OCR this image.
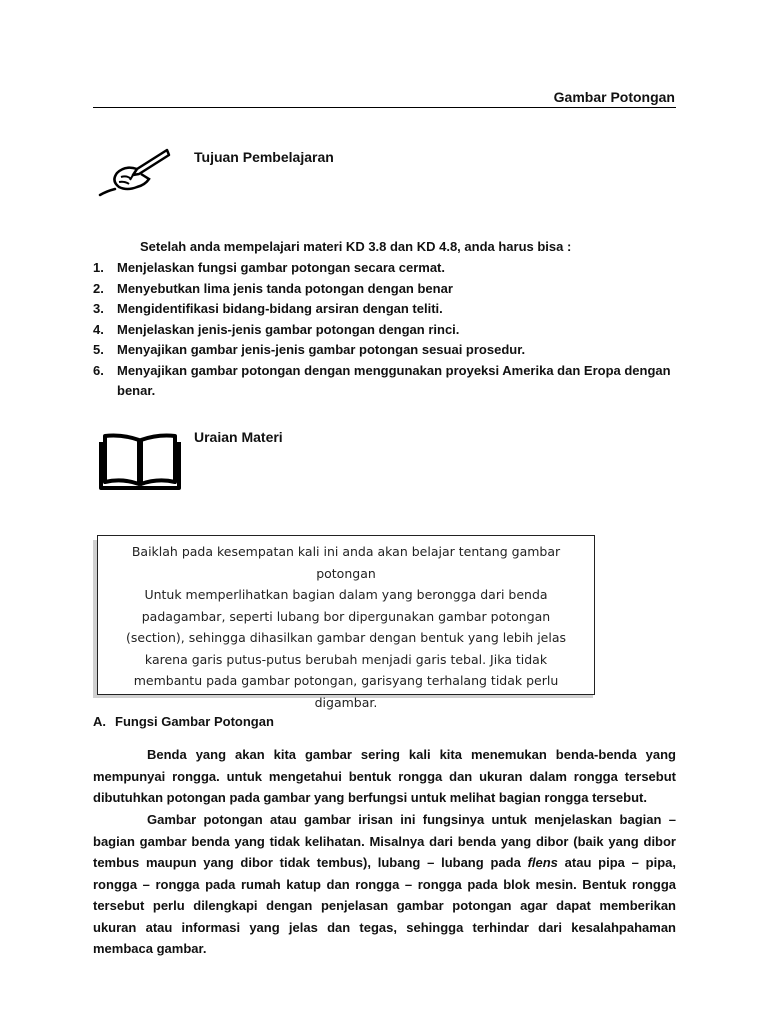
Gambar Potongan
Tujuan Pembelajaran
Setelah anda mempelajari materi KD 3.8 dan KD 4.8, anda harus bisa :
1. Menjelaskan fungsi gambar potongan secara cermat.
2. Menyebutkan lima jenis tanda potongan dengan benar
3. Mengidentifikasi bidang-bidang arsiran dengan teliti.
4. Menjelaskan jenis-jenis gambar potongan dengan rinci.
5. Menyajikan gambar jenis-jenis gambar potongan sesuai prosedur.
6. Menyajikan gambar potongan dengan menggunakan proyeksi Amerika dan Eropa dengan benar.
Uraian Materi
Baiklah pada kesempatan kali ini anda akan belajar tentang gambar potongan
Untuk memperlihatkan bagian dalam yang berongga dari benda padagambar, seperti lubang bor dipergunakan gambar potongan (section), sehingga dihasilkan gambar dengan bentuk yang lebih jelas karena garis putus-putus berubah menjadi garis tebal. Jika tidak membantu pada gambar potongan, garisyang terhalang tidak perlu digambar.
A. Fungsi Gambar Potongan

Benda yang akan kita gambar sering kali kita menemukan benda-benda yang mempunyai rongga. untuk mengetahui bentuk rongga dan ukuran dalam rongga tersebut dibutuhkan potongan pada gambar yang berfungsi untuk melihat bagian rongga tersebut.

Gambar potongan atau gambar irisan ini fungsinya untuk menjelaskan bagian – bagian gambar benda yang tidak kelihatan. Misalnya dari benda yang dibor (baik yang dibor tembus maupun yang dibor tidak tembus), lubang – lubang pada flens atau pipa – pipa, rongga – rongga pada rumah katup dan rongga – rongga pada blok mesin. Bentuk rongga tersebut perlu dilengkapi dengan penjelasan gambar potongan agar dapat memberikan ukuran atau informasi yang jelas dan tegas, sehingga terhindar dari kesalahpahaman membaca gambar.
